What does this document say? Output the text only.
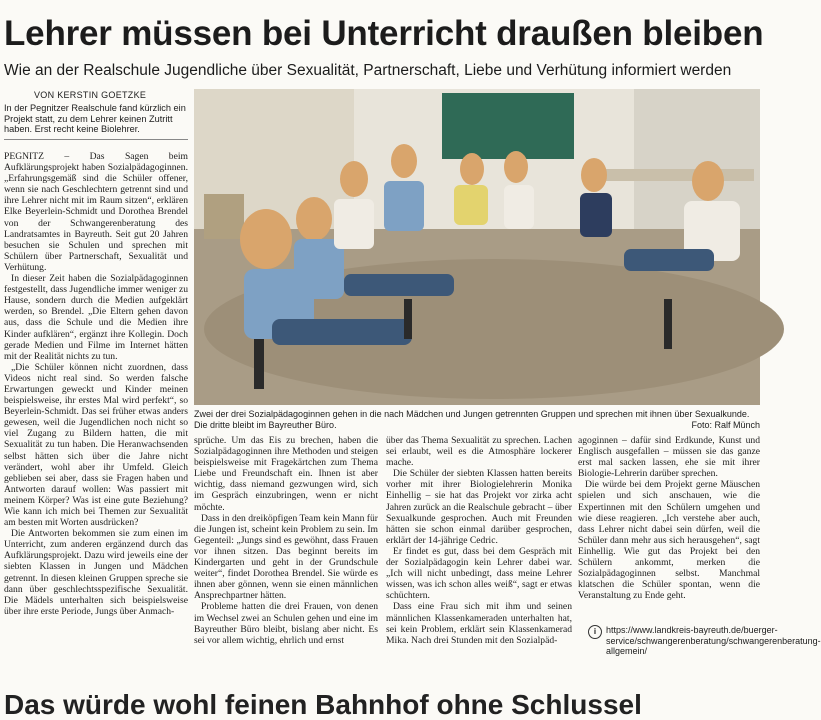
Lehrer müssen bei Unterricht draußen bleiben
Wie an der Realschule Jugendliche über Sexualität, Partnerschaft, Liebe und Verhütung informiert werden
VON KERSTIN GOETZKE
In der Pegnitzer Realschule fand kürzlich ein Projekt statt, zu dem Lehrer keinen Zutritt haben. Erst recht keine Biolehrer.

PEGNITZ – Das Sagen beim Aufklärungsprojekt haben Sozialpädagoginnen. „Erfahrungsgemäß sind die Schüler offener, wenn sie nach Geschlechtern getrennt sind und ihre Lehrer nicht mit im Raum sitzen“, erklären Elke Beyerlein-Schmidt und Dorothea Brendel von der Schwangerenberatung des Landratsamtes in Bayreuth. Seit gut 20 Jahren besuchen sie Schulen und sprechen mit Schülern über Partnerschaft, Sexualität und Verhütung.

In dieser Zeit haben die Sozialpädagoginnen festgestellt, dass Jugendliche immer weniger zu Hause, sondern durch die Medien aufgeklärt werden, so Brendel. „Die Eltern gehen davon aus, dass die Schule und die Medien ihre Kinder aufklären“, ergänzt ihre Kollegin. Doch gerade Medien und Filme im Internet hätten mit der Realität nichts zu tun.

„Die Schüler können nicht zuordnen, dass Videos nicht real sind. So werden falsche Erwartungen geweckt und Kinder meinen beispielsweise, ihr erstes Mal wird perfekt“, so Beyerlein-Schmidt. Das sei früher etwas anders gewesen, weil die Jugendlichen noch nicht so viel Zugang zu Bildern hatten, die mit Sexualität zu tun haben. Die Heranwachsenden selbst hätten sich über die Jahre nicht verändert, wohl aber ihr Umfeld. Gleich geblieben sei aber, dass sie Fragen haben und Antworten darauf wollen: Was passiert mit meinem Körper? Was ist eine gute Beziehung? Wie kann ich mich bei Themen zur Sexualität am besten mit Worten ausdrücken?

Die Antworten bekommen sie zum einen im Unterricht, zum anderen ergänzend durch das Aufklärungsprojekt. Dazu wird jeweils eine der siebten Klassen in Jungen und Mädchen getrennt. In diesen kleinen Gruppen spreche sie dann über geschlechtsspezifische Sexualität. Die Mädels unterhalten sich beispielsweise über ihre erste Periode, Jungs über Anmach-

Zwei der drei Sozialpädagoginnen gehen in die nach Mädchen und Jungen getrennten Gruppen und sprechen mit ihnen über Sexualkunde. Die dritte bleibt im Bayreuther Büro.	Foto: Ralf Münch

sprüche. Um das Eis zu brechen, haben die Sozialpädagoginnen ihre Methoden und steigen beispielsweise mit Fragekärtchen zum Thema Liebe und Freundschaft ein. Ihnen ist aber wichtig, dass niemand gezwungen wird, sich im Gespräch einzubringen, wenn er nicht möchte.

Dass in den dreiköpfigen Team kein Mann für die Jungen ist, scheint kein Problem zu sein. Im Gegenteil: „Jungs sind es gewöhnt, dass Frauen vor ihnen sitzen. Das beginnt bereits im Kindergarten und geht in der Grundschule weiter“, findet Dorothea Brendel. Sie würde es ihnen aber gönnen, wenn sie einen männlichen Ansprechpartner hätten.

Probleme hatten die drei Frauen, von denen im Wechsel zwei an Schulen gehen und eine im Bayreuther Büro bleibt, bislang aber nicht. Es sei vor allem wichtig, ehrlich und ernst

über das Thema Sexualität zu sprechen. Lachen sei erlaubt, weil es die Atmosphäre lockerer mache.

Die Schüler der siebten Klassen hatten bereits vorher mit ihrer Biologielehrerin Monika Einhellig – sie hat das Projekt vor zirka acht Jahren zurück an die Realschule gebracht – über Sexualkunde gesprochen. Auch mit Freunden hätten sie schon einmal darüber gesprochen, erklärt der 14-jährige Cedric.

Er findet es gut, dass bei dem Gespräch mit der Sozialpädagogin kein Lehrer dabei war. „Ich will nicht unbedingt, dass meine Lehrer wissen, was ich schon alles weiß“, sagt er etwas schüchtern.

Dass eine Frau sich mit ihm und seinen männlichen Klassenkameraden unterhalten hat, sei kein Problem, erklärt sein Klassenkamerad Mika. Nach drei Stunden mit den Sozialpäd-

agoginnen – dafür sind Erdkunde, Kunst und Englisch ausgefallen – müssen sie das ganze erst mal sacken lassen, ehe sie mit ihrer Biologie-Lehrerin darüber sprechen.

Die würde bei dem Projekt gerne Mäuschen spielen und sich anschauen, wie die Expertinnen mit den Schülern umgehen und wie diese reagieren. „Ich verstehe aber auch, dass Lehrer nicht dabei sein dürfen, weil die Schüler dann mehr aus sich herausgehen“, sagt Einhellig. Wie gut das Projekt bei den Schülern ankommt, merken die Sozialpädagoginnen selbst. Manchmal klatschen die Schüler spontan, wenn die Veranstaltung zu Ende geht.

i	https://www.landkreis-bayreuth.de/buerger-service/schwangerenberatung/schwangerenberatung-allgemein/
Das würde wohl feinen Bahnhof ohne Schlussel
